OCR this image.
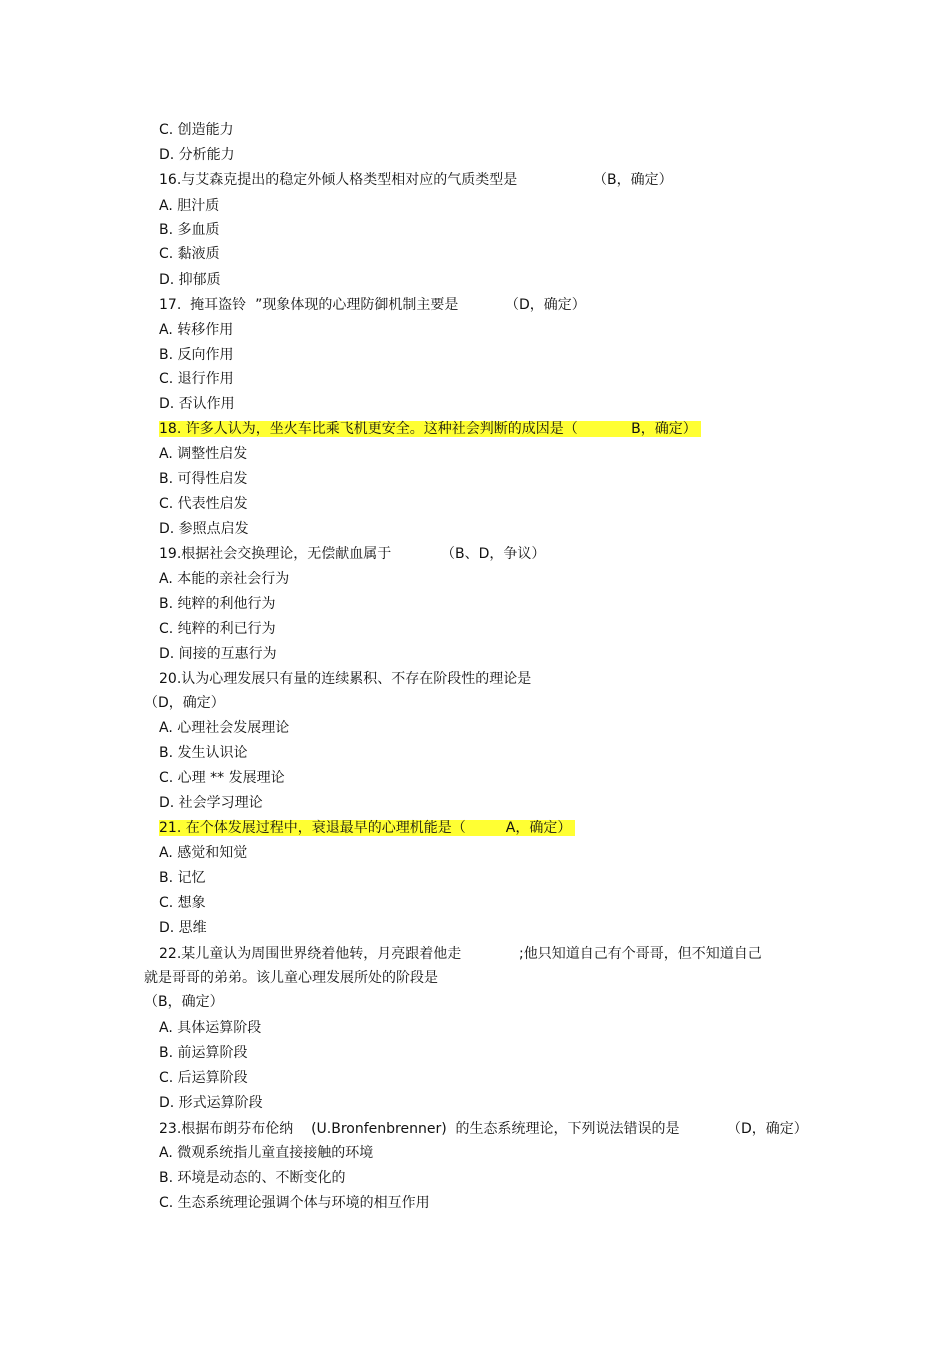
C. 创造能力
D. 分析能力
16.与艾森克提出的稳定外倾人格类型相对应的气质类型是	（B，确定）
A. 胆汁质
B. 多血质
C. 黏液质
D. 抑郁质
17.  掩耳盗铃  ”现象体现的心理防御机制主要是	（D，确定）
A. 转移作用
B. 反向作用
C. 退行作用
D. 否认作用
18. 许多人认为，坐火车比乘飞机更安全。这种社会判断的成因是（            B，确定）
A. 调整性启发
B. 可得性启发
C. 代表性启发
D. 参照点启发
19.根据社会交换理论，无偿献血属于	（B、D，争议）
A. 本能的亲社会行为
B. 纯粹的利他行为
C. 纯粹的利已行为
D. 间接的互惠行为
20.认为心理发展只有量的连续累积、不存在阶段性的理论是
（D，确定）
A. 心理社会发展理论
B. 发生认识论
C. 心理 ** 发展理论
D. 社会学习理论
21. 在个体发展过程中，衰退最早的心理机能是（         A，确定）
A. 感觉和知觉
B. 记忆
C. 想象
D. 思维
22.某儿童认为周围世界绕着他转，月亮跟着他走	;他只知道自己有个哥哥，但不知道自己
就是哥哥的弟弟。该儿童心理发展所处的阶段是
（B，确定）
A. 具体运算阶段
B. 前运算阶段
C. 后运算阶段
D. 形式运算阶段
23.根据布朗芬布伦纳    (U.Bronfenbrenner)  的生态系统理论，下列说法错误的是	（D，确定）
A. 微观系统指儿童直接接触的环境
B. 环境是动态的、不断变化的
C. 生态系统理论强调个体与环境的相互作用
